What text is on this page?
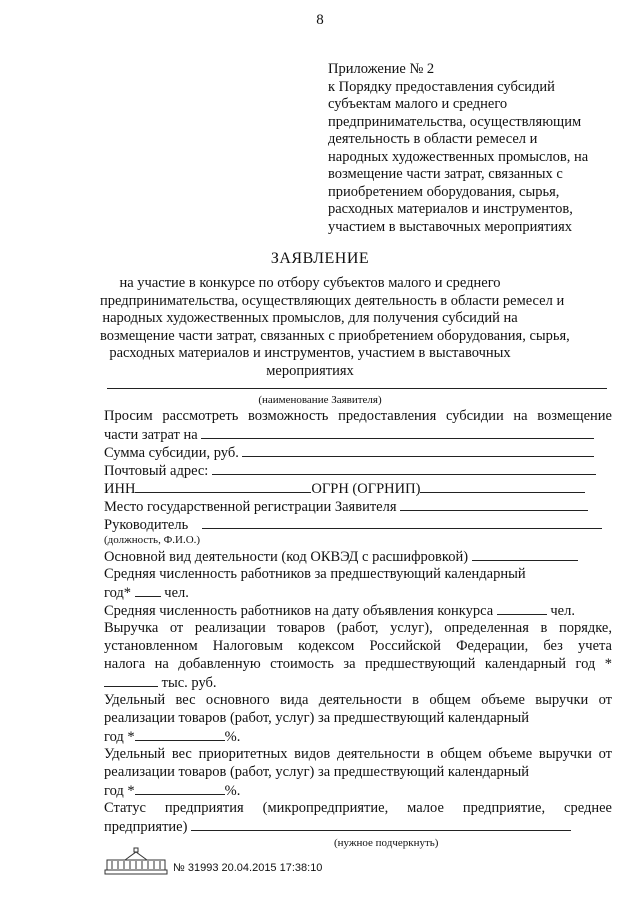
8
Приложение № 2
к Порядку предоставления субсидий
субъектам малого и среднего
предпринимательства, осуществляющим
деятельность в области ремесел и
народных художественных промыслов, на
возмещение части затрат, связанных с
приобретением оборудования, сырья,
расходных материалов и инструментов,
участием в выставочных мероприятиях
ЗАЯВЛЕНИЕ
на участие в конкурсе по отбору субъектов малого и среднего
предпринимательства, осуществляющих деятельность в области ремесел и
народных художественных промыслов, для получения субсидий на
возмещение части затрат, связанных с приобретением оборудования, сырья,
расходных материалов и инструментов, участием в выставочных
мероприятиях
(наименование Заявителя)
Просим рассмотреть возможность предоставления субсидии на возмещение
части затрат на
Сумма субсидии, руб.
Почтовый адрес:
ИНН	ОГРН (ОГРНИП)
Место государственной регистрации Заявителя
Руководитель
(должность, Ф.И.О.)
Основной вид деятельности (код ОКВЭД с расшифровкой)
Средняя численность работников за предшествующий календарный
год* чел.
Средняя численность работников на дату объявления конкурса	чел.
Выручка от реализации товаров (работ, услуг), определенная в порядке,
установленном Налоговым кодексом Российской Федерации, без учета
налога на добавленную стоимость за предшествующий календарный год *
тыс. руб.
Удельный вес основного вида деятельности в общем объеме выручки от
реализации товаров (работ, услуг) за предшествующий календарный
год *	%.
Удельный вес приоритетных видов деятельности в общем объеме выручки от
реализации товаров (работ, услуг) за предшествующий календарный
год *	%.
Статус предприятия (микропредприятие, малое предприятие, среднее
предприятие)
(нужное подчеркнуть)
№ 31993 20.04.2015 17:38:10
